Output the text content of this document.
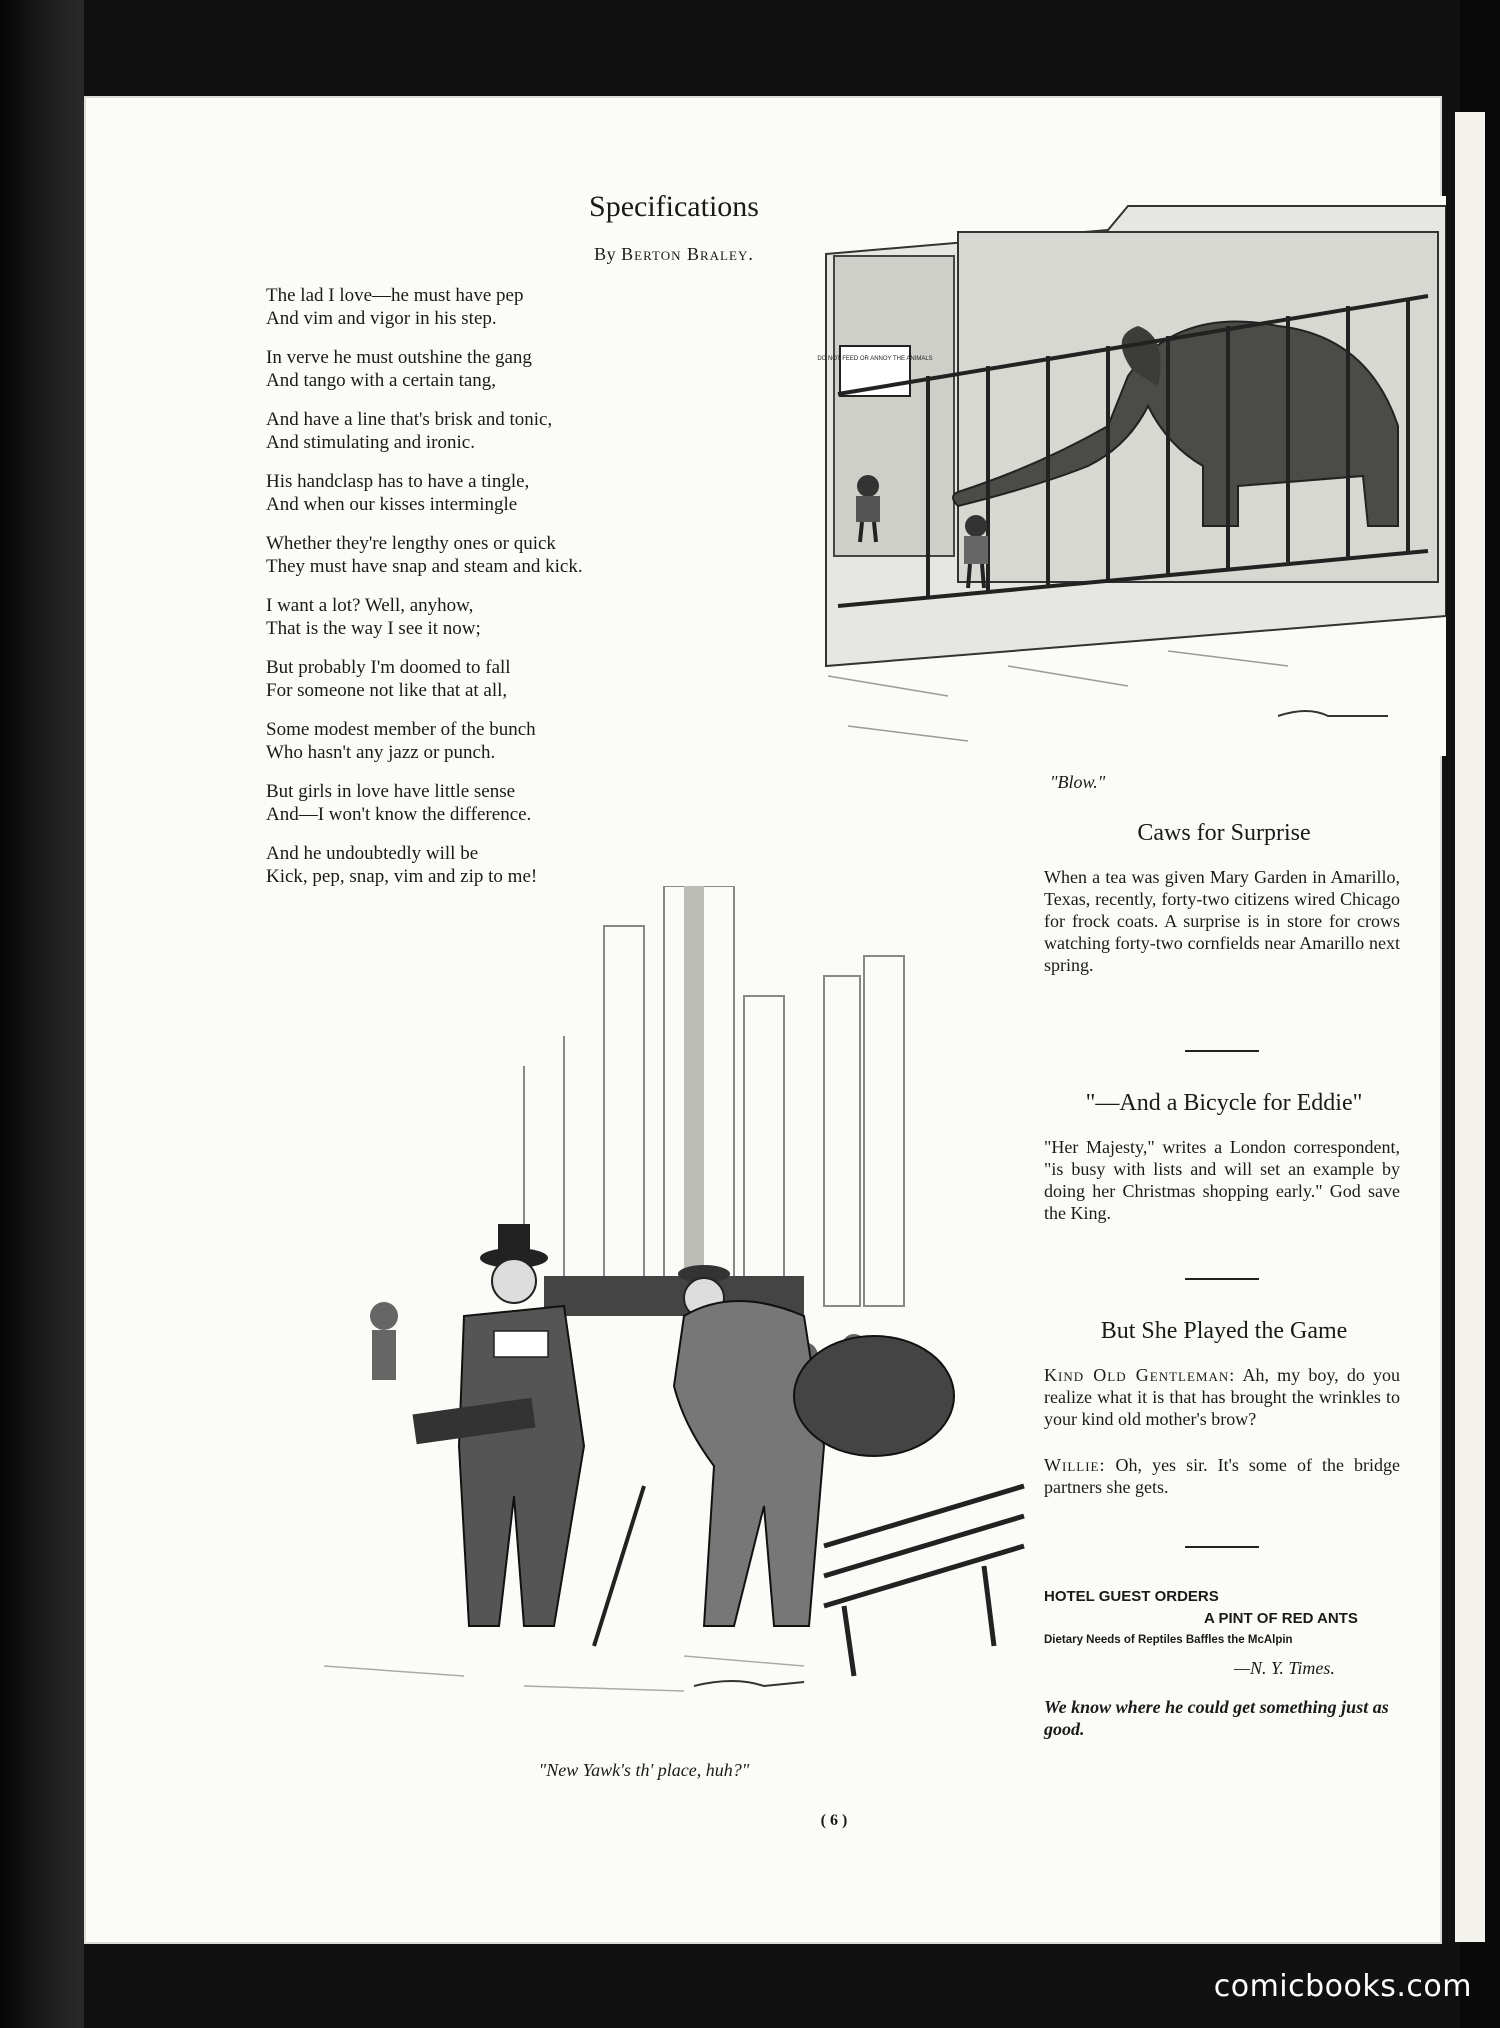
Specifications
By Berton Braley.
The lad I love—he must have pep
And vim and vigor in his step.
In verve he must outshine the gang
And tango with a certain tang,
And have a line that's brisk and tonic,
And stimulating and ironic.
His handclasp has to have a tingle,
And when our kisses intermingle
Whether they're lengthy ones or quick
They must have snap and steam and kick.
I want a lot? Well, anyhow,
That is the way I see it now;
But probably I'm doomed to fall
For someone not like that at all,
Some modest member of the bunch
Who hasn't any jazz or punch.
But girls in love have little sense
And—I won't know the difference.
And he undoubtedly will be
Kick, pep, snap, vim and zip to me!
DO NOT FEED OR ANNOY THE ANIMALS
"Blow."
Caws for Surprise
When a tea was given Mary Garden in Amarillo, Texas, recently, forty-two citizens wired Chicago for frock coats. A surprise is in store for crows watching forty-two cornfields near Amarillo next spring.
"—And a Bicycle for Eddie"
"Her Majesty," writes a London correspondent, "is busy with lists and will set an example by doing her Christmas shopping early." God save the King.
But She Played the Game
Kind Old Gentleman: Ah, my boy, do you realize what it is that has brought the wrinkles to your kind old mother's brow?
Willie: Oh, yes sir. It's some of the bridge partners she gets.
HOTEL GUEST ORDERS
A PINT OF RED ANTS
Dietary Needs of Reptiles Baffles the McAlpin
—N. Y. Times.
We know where he could get something just as good.
"New Yawk's th' place, huh?"
( 6 )
comicbooks.com
